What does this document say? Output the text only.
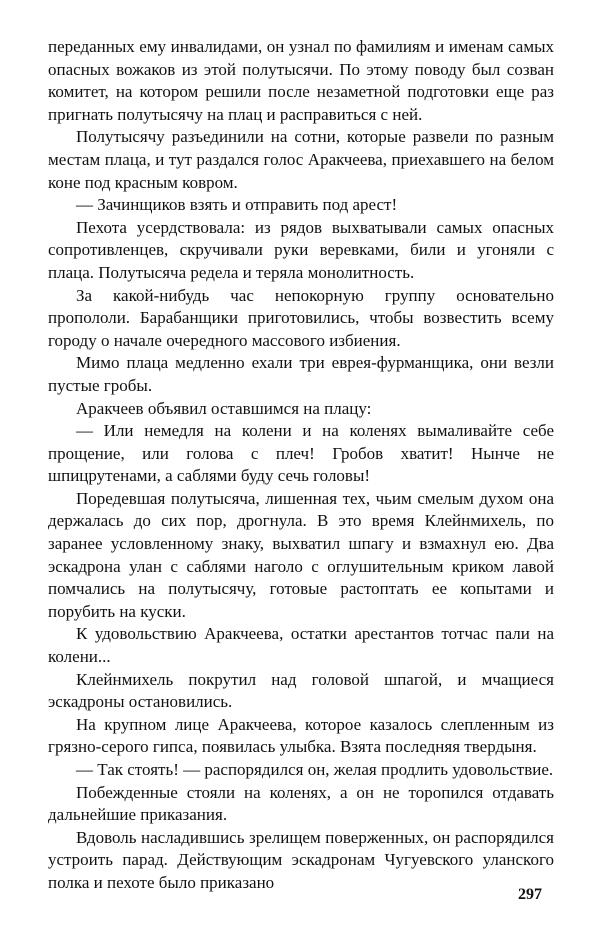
переданных ему инвалидами, он узнал по фамилиям и именам самых опасных вожаков из этой полутысячи. По этому поводу был созван комитет, на котором решили после незаметной подготовки еще раз пригнать полутысячу на плац и расправиться с ней.

Полутысячу разъединили на сотни, которые развели по разным местам плаца, и тут раздался голос Аракчеева, приехавшего на белом коне под красным ковром.

— Зачинщиков взять и отправить под арест!

Пехота усердствовала: из рядов выхватывали самых опасных сопротивленцев, скручивали руки веревками, били и угоняли с плаца. Полутысяча редела и теряла монолитность.

За какой-нибудь час непокорную группу основательно пропололи. Барабанщики приготовились, чтобы возвестить всему городу о начале очередного массового избиения.

Мимо плаца медленно ехали три еврея-фурманщика, они везли пустые гробы.

Аракчеев объявил оставшимся на плацу:

— Или немедля на колени и на коленях вымаливайте себе прощение, или голова с плеч! Гробов хватит! Нынче не шпицрутенами, а саблями буду сечь головы!

Поредевшая полутысяча, лишенная тех, чьим смелым духом она держалась до сих пор, дрогнула. В это время Клейнмихель, по заранее условленному знаку, выхватил шпагу и взмахнул ею. Два эскадрона улан с саблями наголо с оглушительным криком лавой помчались на полутысячу, готовые растоптать ее копытами и порубить на куски.

К удовольствию Аракчеева, остатки арестантов тотчас пали на колени...

Клейнмихель покрутил над головой шпагой, и мчащиеся эскадроны остановились.

На крупном лице Аракчеева, которое казалось слепленным из грязно-серого гипса, появилась улыбка. Взята последняя твердыня.

— Так стоять! — распорядился он, желая продлить удовольствие.

Побежденные стояли на коленях, а он не торопился отдавать дальнейшие приказания.

Вдоволь насладившись зрелищем поверженных, он распорядился устроить парад. Действующим эскадронам Чугуевского уланского полка и пехоте было приказано

297
